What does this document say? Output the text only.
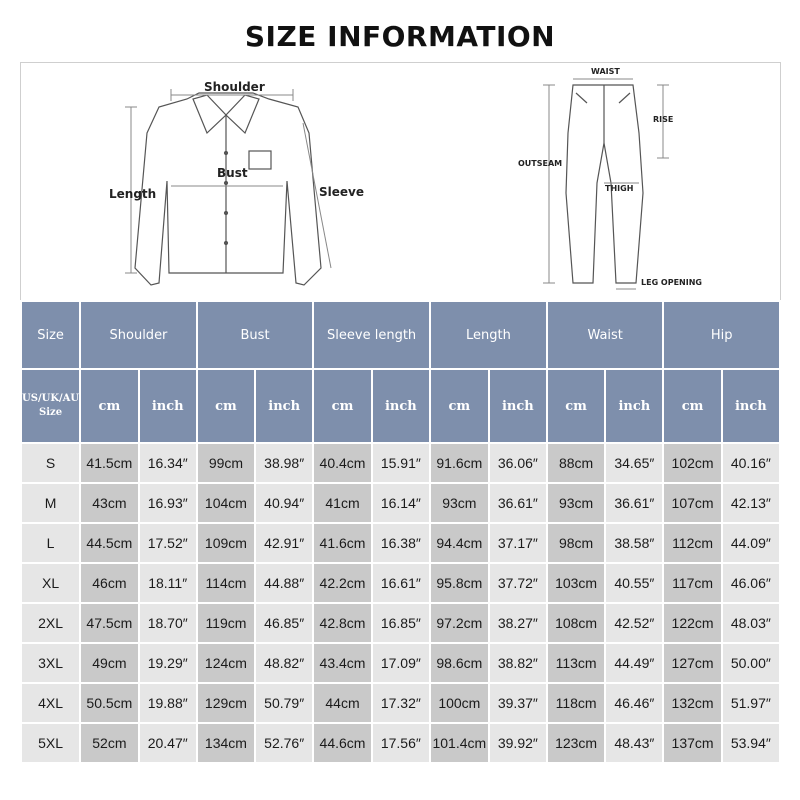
SIZE INFORMATION
Shoulder
Bust
Length	Sleeve
WAIST
RISE
OUTSEAM
THIGH
LEG OPENING
Size	Shoulder		Bust		Sleeve length		Length		Waist		Hip	
US/UK/AU
Size	cm	inch	cm	inch	cm	inch	cm	inch	cm	inch	cm	inch
S	41.5cm	16.34″	99cm	38.98″	40.4cm	15.91″	91.6cm	36.06″	88cm	34.65″	102cm	40.16″
M	43cm	16.93″	104cm	40.94″	41cm	16.14″	93cm	36.61″	93cm	36.61″	107cm	42.13″
L	44.5cm	17.52″	109cm	42.91″	41.6cm	16.38″	94.4cm	37.17″	98cm	38.58″	112cm	44.09″
XL	46cm	18.11″	114cm	44.88″	42.2cm	16.61″	95.8cm	37.72″	103cm	40.55″	117cm	46.06″
2XL	47.5cm	18.70″	119cm	46.85″	42.8cm	16.85″	97.2cm	38.27″	108cm	42.52″	122cm	48.03″
3XL	49cm	19.29″	124cm	48.82″	43.4cm	17.09″	98.6cm	38.82″	113cm	44.49″	127cm	50.00″
4XL	50.5cm	19.88″	129cm	50.79″	44cm	17.32″	100cm	39.37″	118cm	46.46″	132cm	51.97″
5XL	52cm	20.47″	134cm	52.76″	44.6cm	17.56″	101.4cm	39.92″	123cm	48.43″	137cm	53.94″
